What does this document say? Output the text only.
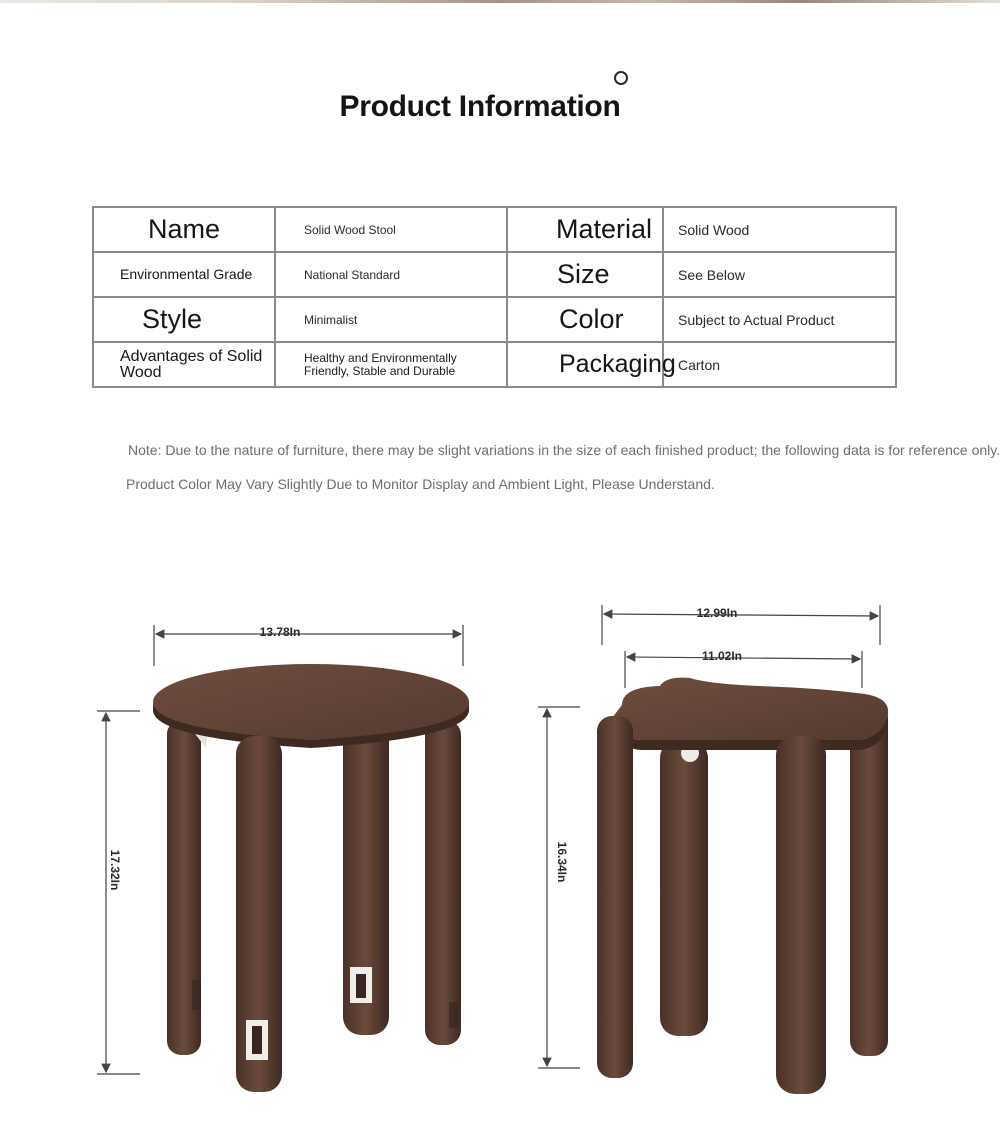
Product Information
Name	Solid Wood Stool	Material	Solid Wood
Environmental Grade	National Standard	Size	See Below
Style	Minimalist	Color	Subject to Actual Product
Advantages of Solid Wood	Healthy and Environmentally Friendly, Stable and Durable	Packaging	Carton
Note: Due to the nature of furniture, there may be slight variations in the size of each finished product; the following data is for reference only.
Product Color May Vary Slightly Due to Monitor Display and Ambient Light, Please Understand.
13.78In
17.32In
12.99In
11.02In
16.34In
